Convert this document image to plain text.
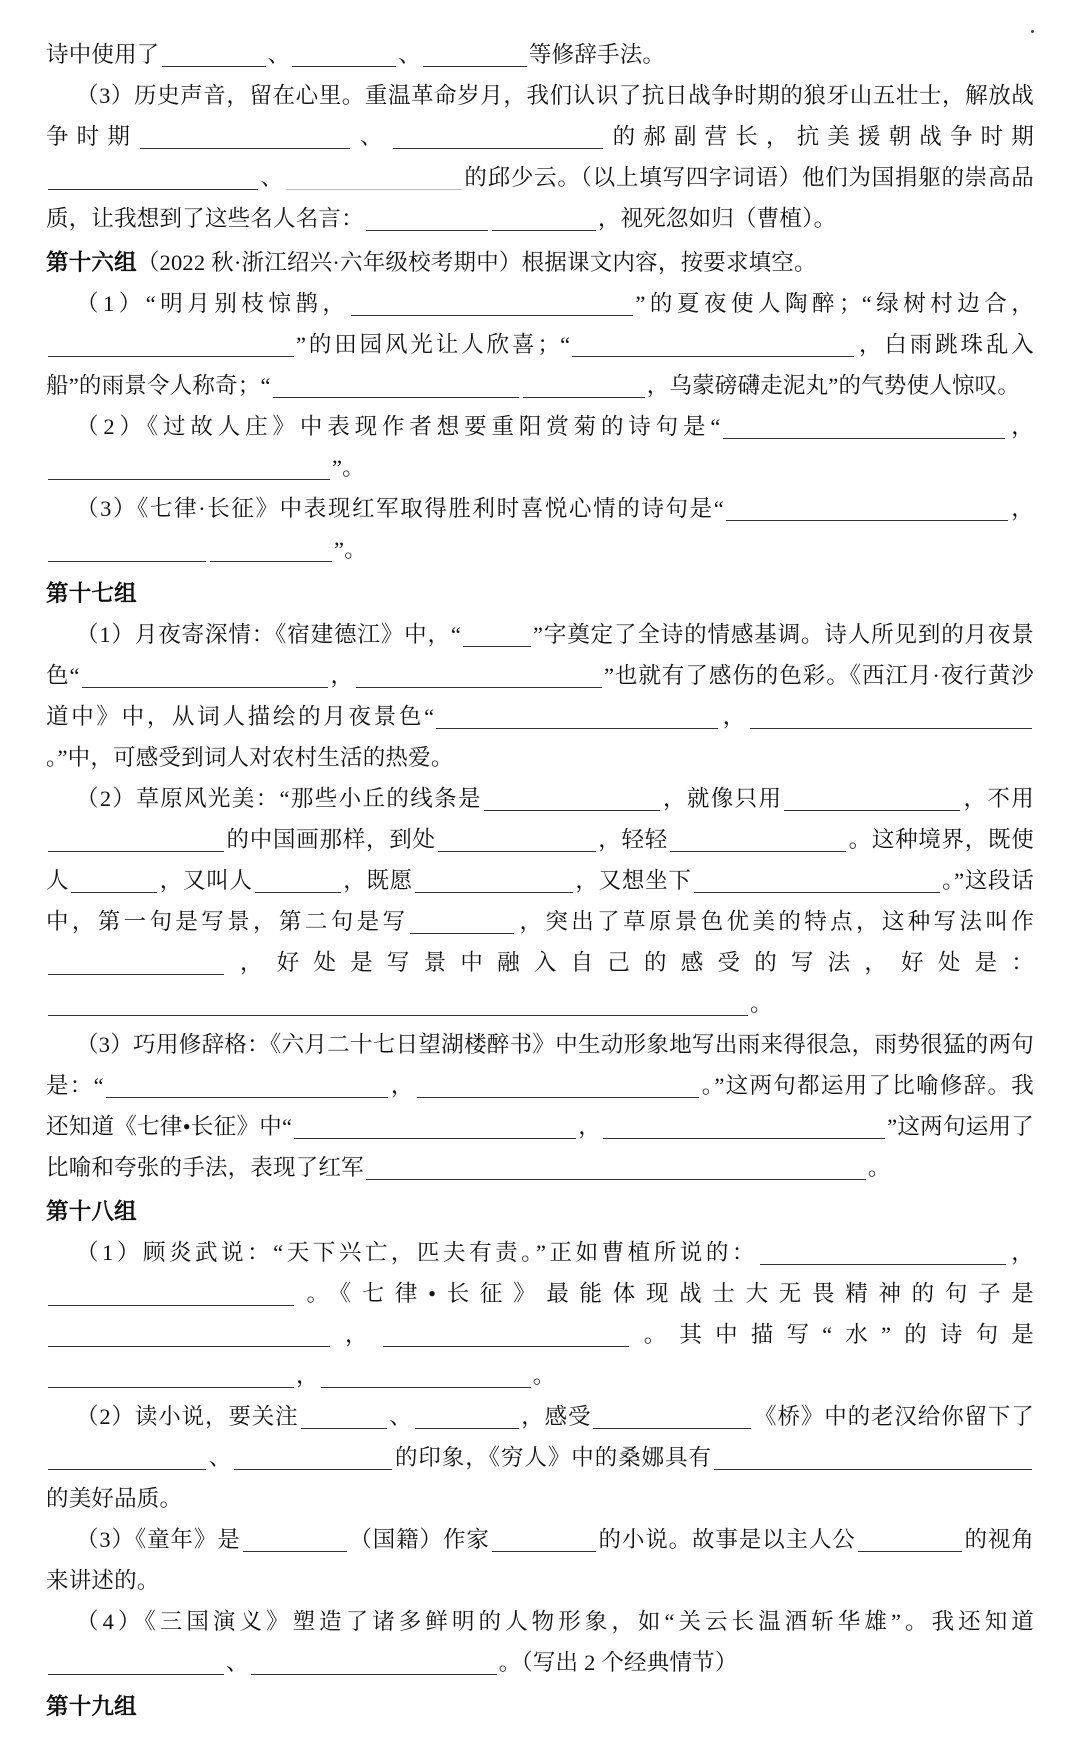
诗中使用了	、	、	等修辞手法。

（3）历史声音，留在心里。重温革命岁月，我们认识了抗日战争时期的狼牙山五壮士，解放战争时期	、	的郝副营长，抗美援朝战争时期、	的邱少云。（以上填写四字词语）他们为国捐躯的崇高品质，让我想到了这些名人名言：	，视死忽如归（曹植）。

第十六组（2022 秋·浙江绍兴·六年级校考期中）根据课文内容，按要求填空。

（1）“明月别枝惊鹊，	”的夏夜使人陶醉；“绿树村边合，”的田园风光让人欣喜；“	，白雨跳珠乱入船”的雨景令人称奇；“	，乌蒙磅礴走泥丸”的气势使人惊叹。

（2）《过故人庄》中表现作者想要重阳赏菊的诗句是“	，”。

（3）《七律·长征》中表现红军取得胜利时喜悦心情的诗句是“	，”。

第十七组

（1）月夜寄深情：《宿建德江》中，“	”字奠定了全诗的情感基调。诗人所见到的月夜景色“	，	”也就有了感伤的色彩。《西江月·夜行黄沙道中》中，从词人描绘的月夜景色“	，。”中，可感受到词人对农村生活的热爱。

（2）草原风光美：“那些小丘的线条是	，就像只用	，不用的中国画那样，到处	，轻轻	。这种境界，既使人	，又叫人	，既愿	，又想坐下	。”这段话中，第一句是写景，第二句是写	，突出了草原景色优美的特点，这种写法叫作，好处是写景中融入自己的感受的写法，好处是：。

（3）巧用修辞格：《六月二十七日望湖楼醉书》中生动形象地写出雨来得很急，雨势很猛的两句是：“	，	。”这两句都运用了比喻修辞。我还知道《七律•长征》中“	，	”这两句运用了比喻和夸张的手法，表现了红军	。

第十八组

（1）顾炎武说：“天下兴亡，匹夫有责。”正如曹植所说的：	，。《七律•长征》最能体现战士大无畏精神的句子是，	。其中描写“水”的诗句是，	。

（2）读小说，要关注	、	，感受	《桥》中的老汉给你留下了、	的印象，《穷人》中的桑娜具有的美好品质。

（3）《童年》是	（国籍）作家	的小说。故事是以主人公	的视角来讲述的。

（4）《三国演义》塑造了诸多鲜明的人物形象，如“关云长温酒斩华雄”。我还知道、	。（写出 2 个经典情节）

第十九组
